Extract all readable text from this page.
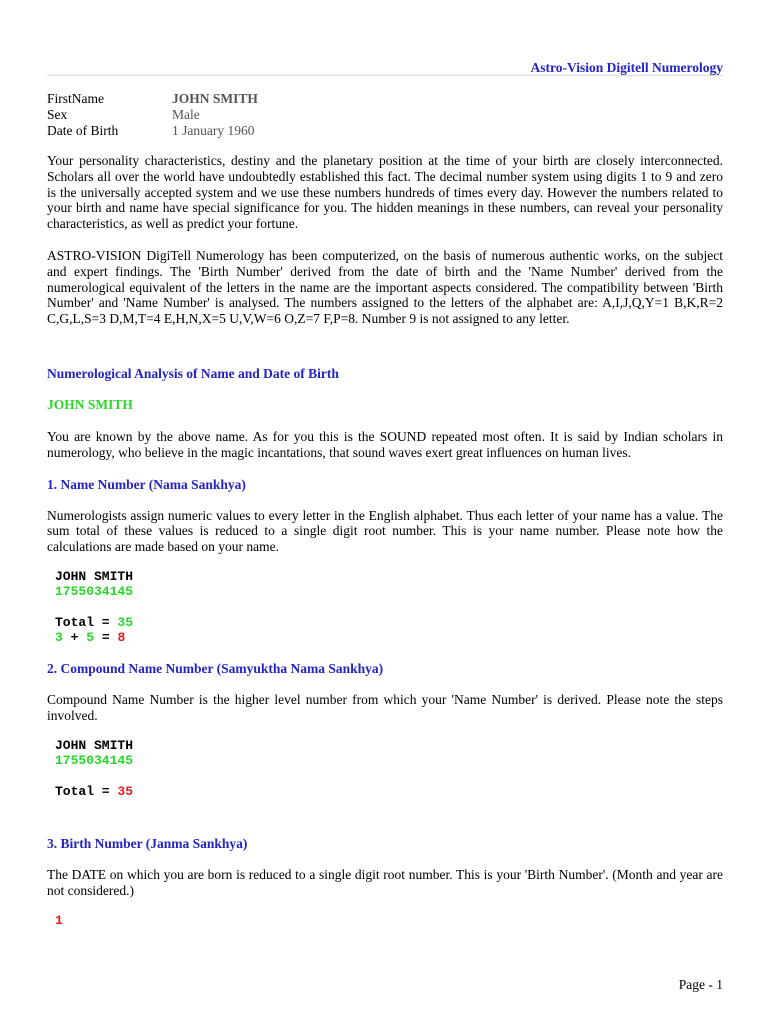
Astro-Vision Digitell Numerology
FirstName	JOHN SMITH
Sex	Male
Date of Birth	1 January 1960

Your personality characteristics, destiny and the planetary position at the time of your birth are closely interconnected. Scholars all over the world have undoubtedly established this fact. The decimal number system using digits 1 to 9 and zero is the universally accepted system and we use these numbers hundreds of times every day. However the numbers related to your birth and name have special significance for you. The hidden meanings in these numbers, can reveal your personality characteristics, as well as predict your fortune.

ASTRO-VISION DigiTell Numerology has been computerized, on the basis of numerous authentic works, on the subject and expert findings. The 'Birth Number' derived from the date of birth and the 'Name Number' derived from the numerological equivalent of the letters in the name are the important aspects considered. The compatibility between 'Birth Number' and 'Name Number' is analysed. The numbers assigned to the letters of the alphabet are: A,I,J,Q,Y=1 B,K,R=2 C,G,L,S=3 D,M,T=4 E,H,N,X=5 U,V,W=6 O,Z=7 F,P=8. Number 9 is not assigned to any letter.

Numerological Analysis of Name and Date of Birth
JOHN SMITH

You are known by the above name. As for you this is the SOUND repeated most often. It is said by Indian scholars in numerology, who believe in the magic incantations, that sound waves exert great influences on human lives.

1. Name Number (Nama Sankhya)

Numerologists assign numeric values to every letter in the English alphabet. Thus each letter of your name has a value. The sum total of these values is reduced to a single digit root number. This is your name number. Please note how the calculations are made based on your name.

JOHN SMITH
1755034145
Total = 35
3 + 5 = 8
2. Compound Name Number (Samyuktha Nama Sankhya)

Compound Name Number is the higher level number from which your 'Name Number' is derived. Please note the steps involved.

JOHN SMITH
1755034145
Total = 35
3. Birth Number (Janma Sankhya)

The DATE on which you are born is reduced to a single digit root number. This is your 'Birth Number'. (Month and year are not considered.)

1
Page - 1
